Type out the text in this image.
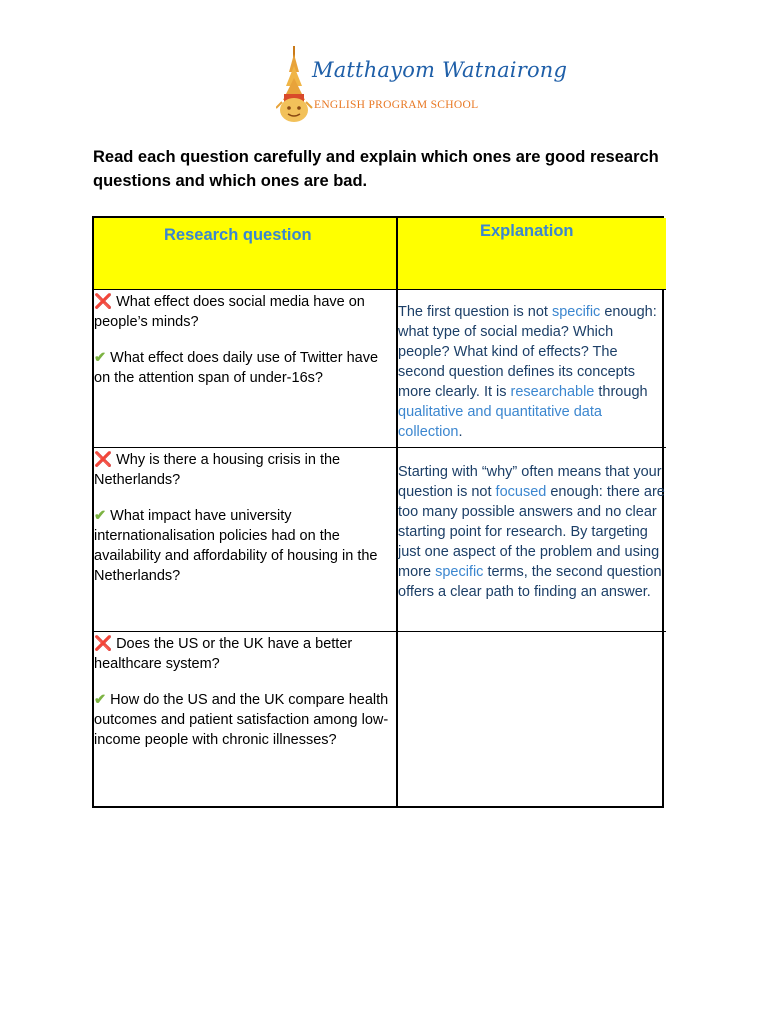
Matthayom Watnairong
ENGLISH PROGRAM SCHOOL

Read each question carefully and explain which ones are good research questions and which ones are bad.

Research question	Explanation

❌ What effect does social media have on people’s minds?

✔ What effect does daily use of Twitter have on the attention span of under-16s?

The first question is not specific enough: what type of social media? Which people? What kind of effects? The second question defines its concepts more clearly. It is researchable through qualitative and quantitative data collection.

❌ Why is there a housing crisis in the Netherlands?

✔ What impact have university internationalisation policies had on the availability and affordability of housing in the Netherlands?

Starting with “why” often means that your question is not focused enough: there are too many possible answers and no clear starting point for research. By targeting just one aspect of the problem and using more specific terms, the second question offers a clear path to finding an answer.

❌ Does the US or the UK have a better healthcare system?

✔ How do the US and the UK compare health outcomes and patient satisfaction among low-income people with chronic illnesses?
